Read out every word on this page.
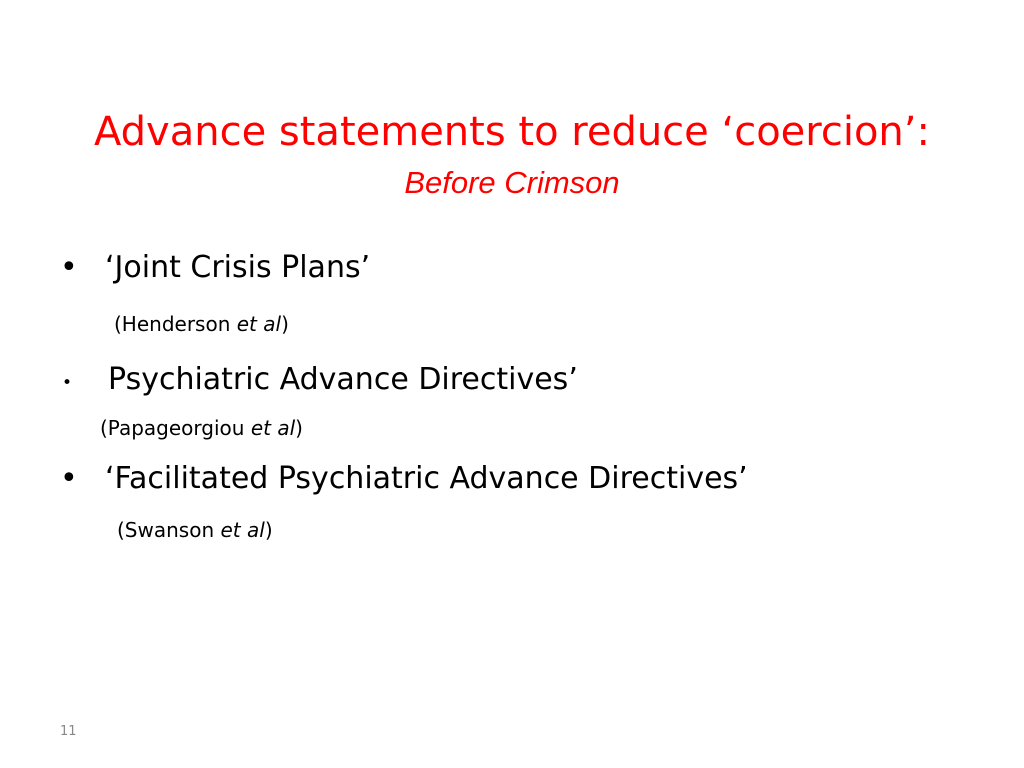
Advance statements to reduce ‘coercion’:
Before Crimson
• ‘Joint Crisis Plans’
(Henderson et al)
• Psychiatric Advance Directives’
(Papageorgiou et al)
• ‘Facilitated Psychiatric Advance Directives’
(Swanson et al)
11
